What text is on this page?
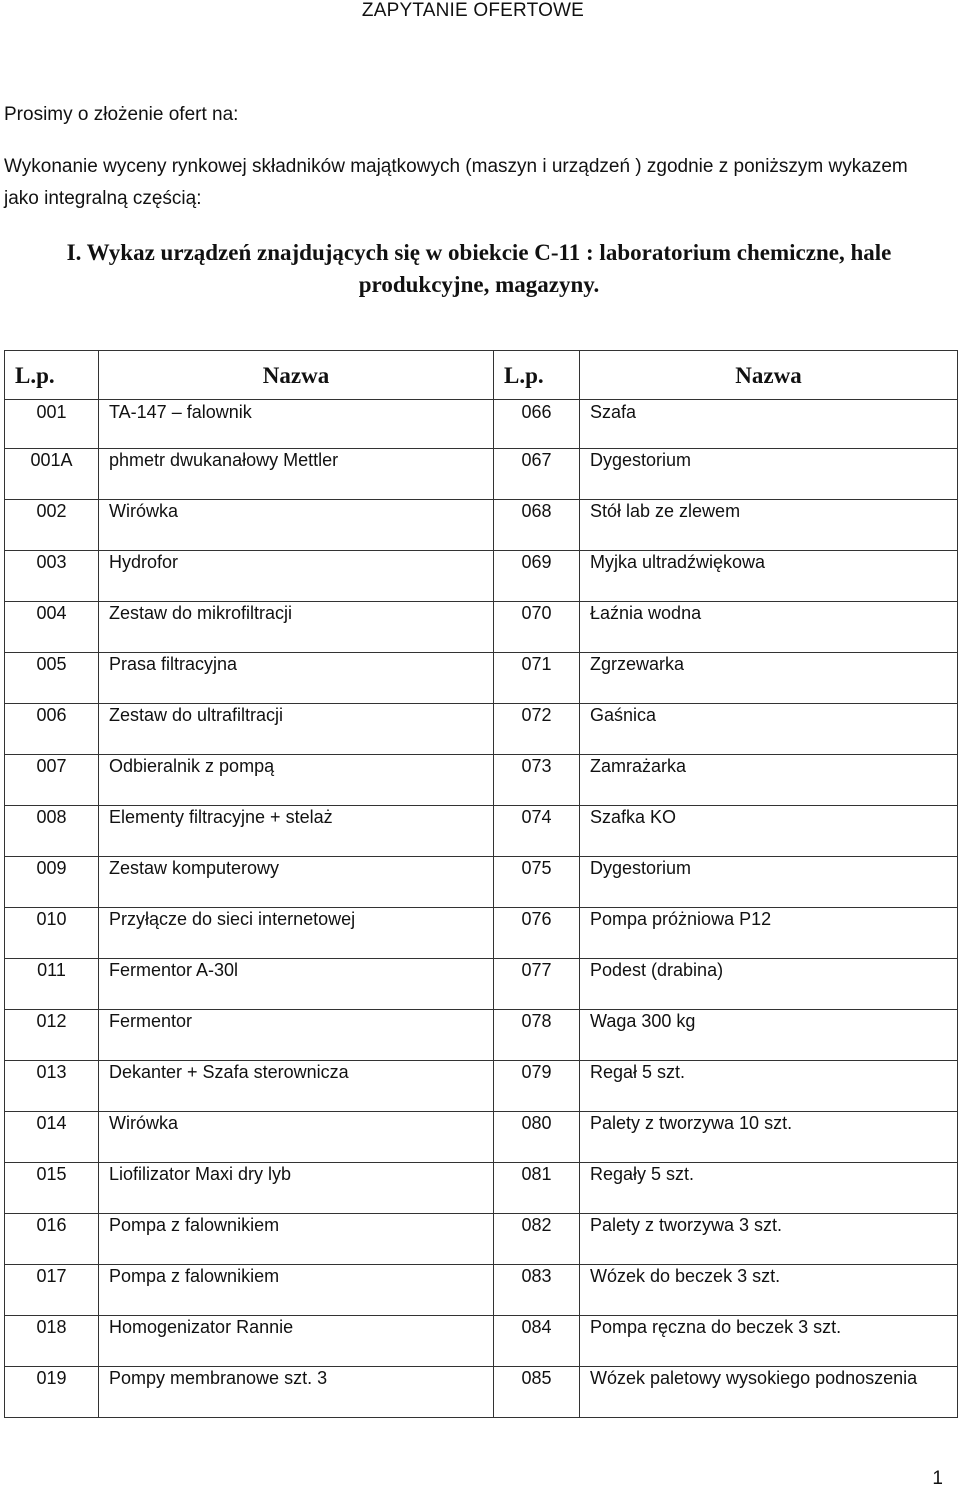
ZAPYTANIE OFERTOWE
Prosimy o złożenie ofert na:
Wykonanie wyceny rynkowej składników majątkowych (maszyn i urządzeń ) zgodnie z poniższym wykazem jako integralną częścią:
I. Wykaz urządzeń znajdujących się w obiekcie C-11 : laboratorium chemiczne, hale produkcyjne, magazyny.
L.p.	Nazwa	L.p.	Nazwa
001	TA-147 – falownik	066	Szafa
001A	phmetr dwukanałowy Mettler	067	Dygestorium
002	Wirówka	068	Stół lab ze zlewem
003	Hydrofor	069	Myjka ultradźwiękowa
004	Zestaw do mikrofiltracji	070	Łaźnia wodna
005	Prasa filtracyjna	071	Zgrzewarka
006	Zestaw do ultrafiltracji	072	Gaśnica
007	Odbieralnik z pompą	073	Zamrażarka
008	Elementy filtracyjne + stelaż	074	Szafka KO
009	Zestaw komputerowy	075	Dygestorium
010	Przyłącze do sieci internetowej	076	Pompa próżniowa P12
011	Fermentor A-30l	077	Podest (drabina)
012	Fermentor	078	Waga 300 kg
013	Dekanter + Szafa sterownicza	079	Regał 5 szt.
014	Wirówka	080	Palety z tworzywa 10 szt.
015	Liofilizator Maxi dry lyb	081	Regały 5 szt.
016	Pompa z falownikiem	082	Palety z tworzywa 3 szt.
017	Pompa z falownikiem	083	Wózek do beczek 3 szt.
018	Homogenizator Rannie	084	Pompa ręczna do beczek 3 szt.
019	Pompy membranowe szt. 3	085	Wózek paletowy wysokiego podnoszenia
1
